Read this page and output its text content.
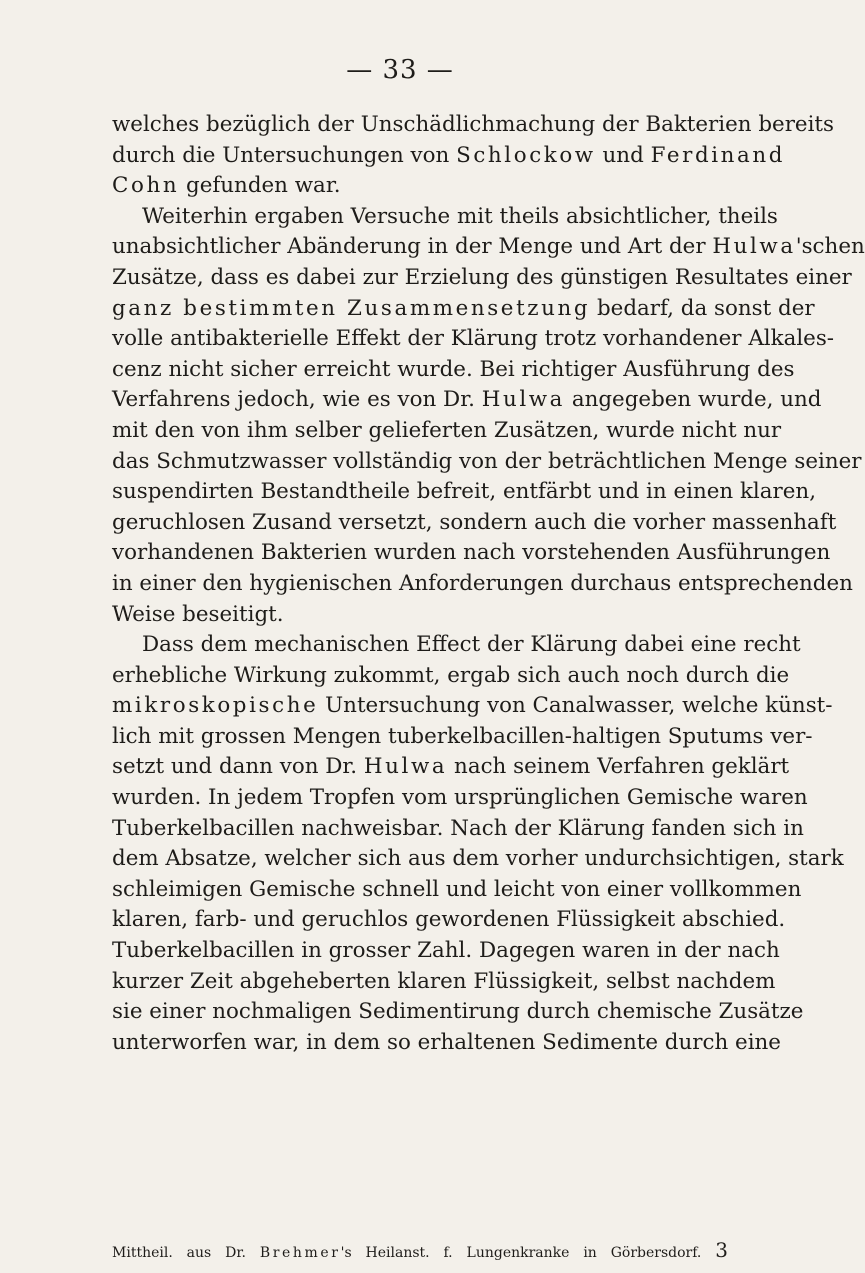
— 33 —
welches bezüglich der Unschädlichmachung der Bakterien bereits
durch die Untersuchungen von Schlockow und Ferdinand
Cohn gefunden war.
Weiterhin ergaben Versuche mit theils absichtlicher, theils
unabsichtlicher Abänderung in der Menge und Art der Hulwa'schen
Zusätze, dass es dabei zur Erzielung des günstigen Resultates einer
ganz bestimmten Zusammensetzung bedarf, da sonst der
volle antibakterielle Effekt der Klärung trotz vorhandener Alkales-
cenz nicht sicher erreicht wurde. Bei richtiger Ausführung des
Verfahrens jedoch, wie es von Dr. Hulwa angegeben wurde, und
mit den von ihm selber gelieferten Zusätzen, wurde nicht nur
das Schmutzwasser vollständig von der beträchtlichen Menge seiner
suspendirten Bestandtheile befreit, entfärbt und in einen klaren,
geruchlosen Zusand versetzt, sondern auch die vorher massenhaft
vorhandenen Bakterien wurden nach vorstehenden Ausführungen
in einer den hygienischen Anforderungen durchaus entsprechenden
Weise beseitigt.
Dass dem mechanischen Effect der Klärung dabei eine recht
erhebliche Wirkung zukommt, ergab sich auch noch durch die
mikroskopische Untersuchung von Canalwasser, welche künst-
lich mit grossen Mengen tuberkelbacillen-haltigen Sputums ver-
setzt und dann von Dr. Hulwa nach seinem Verfahren geklärt
wurden. In jedem Tropfen vom ursprünglichen Gemische waren
Tuberkelbacillen nachweisbar. Nach der Klärung fanden sich in
dem Absatze, welcher sich aus dem vorher undurchsichtigen, stark
schleimigen Gemische schnell und leicht von einer vollkommen
klaren, farb- und geruchlos gewordenen Flüssigkeit abschied.
Tuberkelbacillen in grosser Zahl. Dagegen waren in der nach
kurzer Zeit abgeheberten klaren Flüssigkeit, selbst nachdem
sie einer nochmaligen Sedimentirung durch chemische Zusätze
unterworfen war, in dem so erhaltenen Sedimente durch eine
Mittheil. aus Dr. Brehmer's Heilanst. f. Lungenkranke in Görbersdorf. 3
